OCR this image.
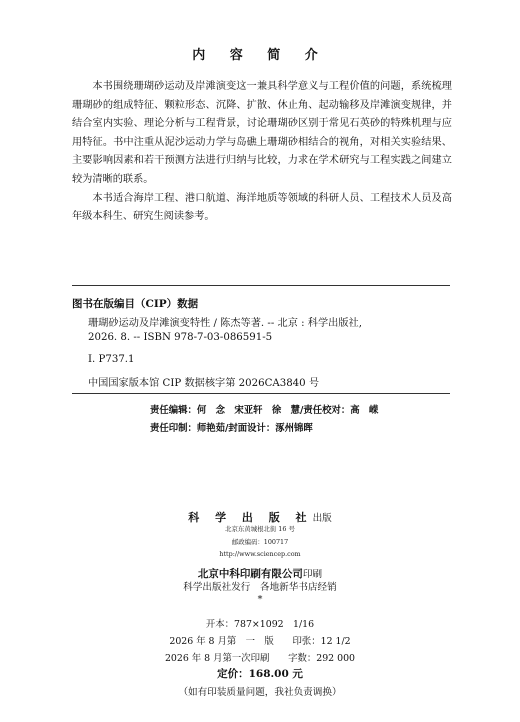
内 容 简 介

本书围绕珊瑚砂运动及岸滩演变这一兼具科学意义与工程价值的问题，系统梳理珊瑚砂的组成特征、颗粒形态、沉降、扩散、休止角、起动输移及岸滩演变规律，并结合室内实验、理论分析与工程背景，讨论珊瑚砂区别于常见石英砂的特殊机理与应用特征。书中注重从泥沙运动力学与岛礁上珊瑚砂相结合的视角，对相关实验结果、主要影响因素和若干预测方法进行归纳与比较，力求在学术研究与工程实践之间建立较为清晰的联系。

本书适合海岸工程、港口航道、海洋地质等领域的科研人员、工程技术人员及高年级本科生、研究生阅读参考。

图书在版编目（CIP）数据
珊瑚砂运动及岸滩演变特性 / 陈杰等著. -- 北京 : 科学出版社,
2026. 8. -- ISBN 978-7-03-086591-5
I. P737.1
中国国家版本馆 CIP 数据核字第 2026CA3840 号
责任编辑：何　念　宋亚轩　徐　慧/责任校对：高　嵘
责任印制：师艳茹/封面设计：涿州锦晖
科 学 出 版 社出版
北京东黄城根北街 16 号
邮政编码：100717
http://www.sciencep.com
北京中科印刷有限公司印刷
科学出版社发行　各地新华书店经销
*
开本：787×1092　1/16
2026 年 8 月第　一　版　　印张：12 1/2
2026 年 8 月第一次印刷　　字数：292 000
定价：168.00 元
（如有印装质量问题，我社负责调换）
